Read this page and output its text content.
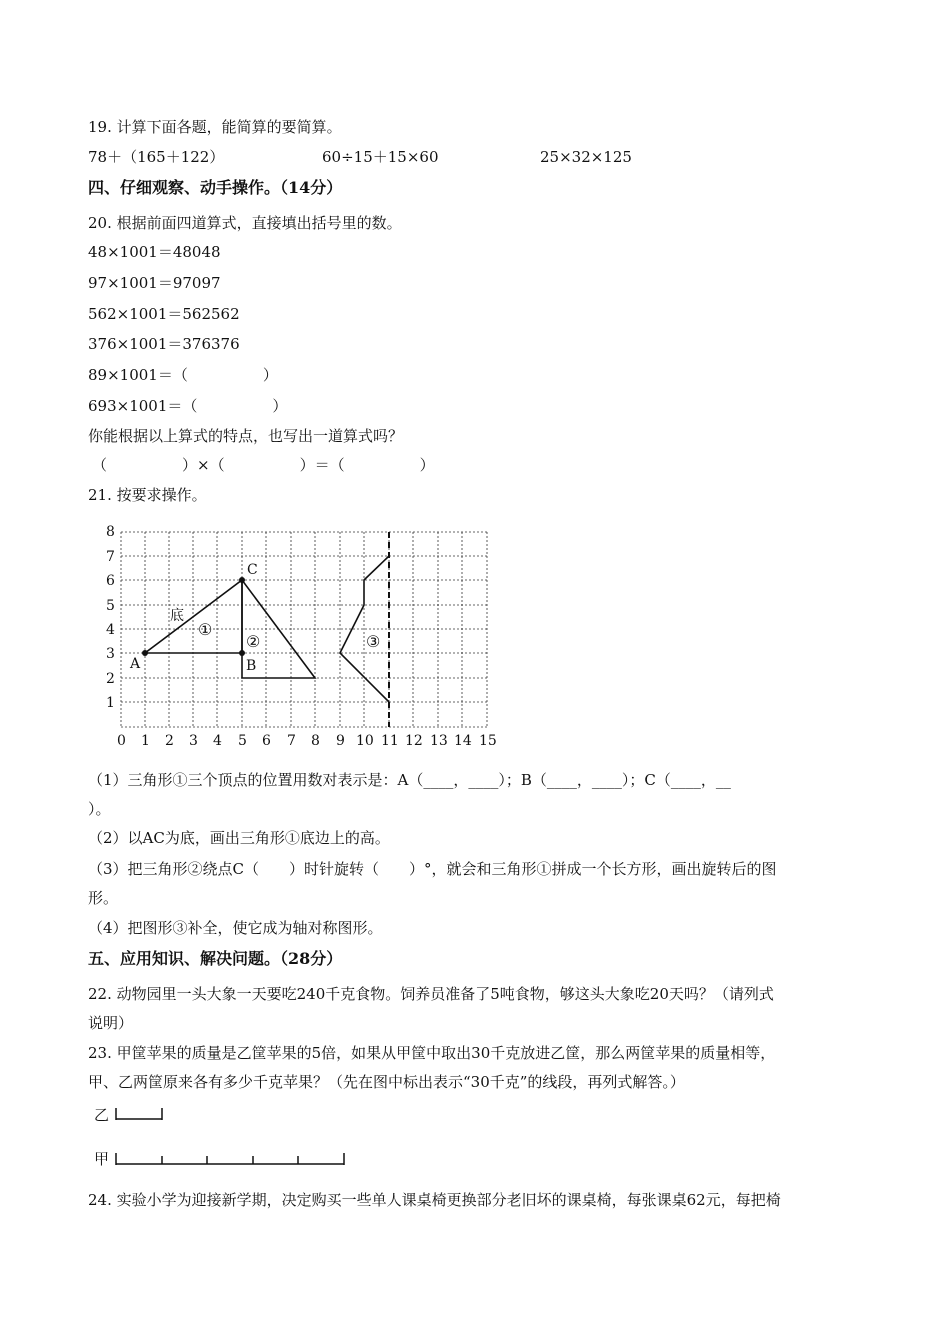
19. 计算下面各题，能简算的要简算。
78＋（165＋122）	60÷15＋15×60	25×32×125
四、仔细观察、动手操作。（14分）
20. 根据前面四道算式，直接填出括号里的数。
48×1001＝48048
97×1001＝97097
562×1001＝562562
376×1001＝376376
89×1001＝（　　　　　）
693×1001＝（　　　　　）
你能根据以上算式的特点，也写出一道算式吗？
（　　　　　）×（　　　　　）＝（　　　　　）
21. 按要求操作。
1
2
3
4
5
6
7
8
0 1 2 3 4 5 6 7 8 9 10 11 12 13 14 15
A	B
C
底
①
②	③
（1）三角形①三个顶点的位置用数对表示是：A（____，____）；B（____，____）；C（____，__
）。
（2）以AC为底，画出三角形①底边上的高。
（3）把三角形②绕点C（　　）时针旋转（　　）°，就会和三角形①拼成一个长方形，画出旋转后的图
形。
（4）把图形③补全，使它成为轴对称图形。
五、应用知识、解决问题。（28分）
22. 动物园里一头大象一天要吃240千克食物。饲养员准备了5吨食物，够这头大象吃20天吗？（请列式
说明）
23. 甲筐苹果的质量是乙筐苹果的5倍，如果从甲筐中取出30千克放进乙筐，那么两筐苹果的质量相等，
甲、乙两筐原来各有多少千克苹果？（先在图中标出表示“30千克”的线段，再列式解答。）
乙
甲
24. 实验小学为迎接新学期，决定购买一些单人课桌椅更换部分老旧坏的课桌椅，每张课桌62元，每把椅
